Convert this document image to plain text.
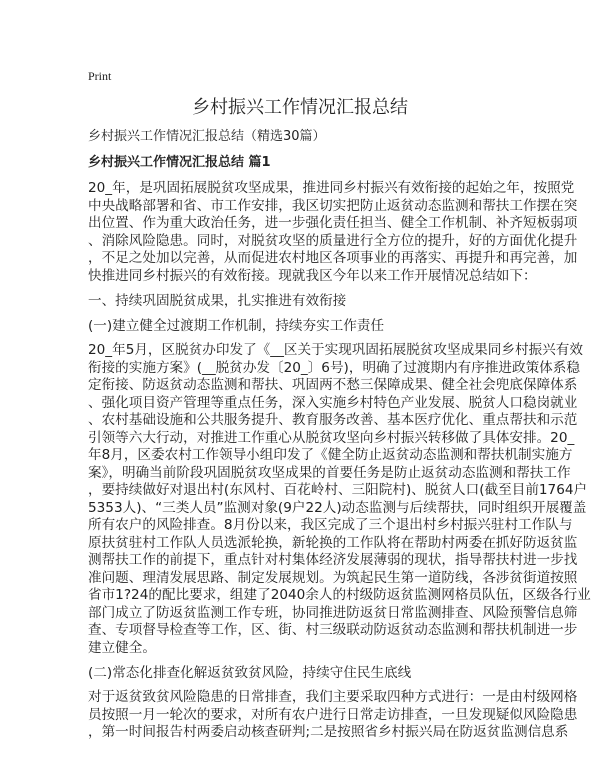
Print
乡村振兴工作情况汇报总结
乡村振兴工作情况汇报总结（精选30篇）
乡村振兴工作情况汇报总结 篇1
20_年，是巩固拓展脱贫攻坚成果，推进同乡村振兴有效衔接的起始之年，按照党
中央战略部署和省、市工作安排，我区切实把防止返贫动态监测和帮扶工作摆在突
出位置、作为重大政治任务，进一步强化责任担当、健全工作机制、补齐短板弱项
、消除风险隐患。同时，对脱贫攻坚的质量进行全方位的提升，好的方面优化提升
，不足之处加以完善，从而促进农村地区各项事业的再落实、再提升和再完善，加
快推进同乡村振兴的有效衔接。现就我区今年以来工作开展情况总结如下：
一、持续巩固脱贫成果，扎实推进有效衔接
(一)建立健全过渡期工作机制，持续夯实工作责任
20_年5月，区脱贫办印发了《__区关于实现巩固拓展脱贫攻坚成果同乡村振兴有效
衔接的实施方案》(__脱贫办发〔20_〕6号)，明确了过渡期内有序推进政策体系稳
定衔接、防返贫动态监测和帮扶、巩固两不愁三保障成果、健全社会兜底保障体系
、强化项目资产管理等重点任务，深入实施乡村特色产业发展、脱贫人口稳岗就业
、农村基础设施和公共服务提升、教育服务改善、基本医疗优化、重点帮扶和示范
引领等六大行动，对推进工作重心从脱贫攻坚向乡村振兴转移做了具体安排。20_
年8月，区委农村工作领导小组印发了《健全防止返贫动态监测和帮扶机制实施方
案》，明确当前阶段巩固脱贫攻坚成果的首要任务是防止返贫动态监测和帮扶工作
，要持续做好对退出村(东风村、百花岭村、三阳院村)、脱贫人口(截至目前1764户
5353人)、“三类人员”监测对象(9户22人)动态监测与后续帮扶，同时组织开展覆盖
所有农户的风险排查。8月份以来，我区完成了三个退出村乡村振兴驻村工作队与
原扶贫驻村工作队人员选派轮换，新轮换的工作队将在帮助村两委在抓好防返贫监
测帮扶工作的前提下，重点针对村集体经济发展薄弱的现状，指导帮扶村进一步找
准问题、理清发展思路、制定发展规划。为筑起民生第一道防线，各涉贫街道按照
省市1?24的配比要求，组建了2040余人的村级防返贫监测网格员队伍，区级各行业
部门成立了防返贫监测工作专班，协同推进防返贫日常监测排查、风险预警信息筛
查、专项督导检查等工作，区、街、村三级联动防返贫动态监测和帮扶机制进一步
建立健全。
(二)常态化排查化解返贫致贫风险，持续守住民生底线
对于返贫致贫风险隐患的日常排查，我们主要采取四种方式进行：一是由村级网格
员按照一月一轮次的要求，对所有农户进行日常走访排查，一旦发现疑似风险隐患
，第一时间报告村两委启动核查研判;二是按照省乡村振兴局在防返贫监测信息系
